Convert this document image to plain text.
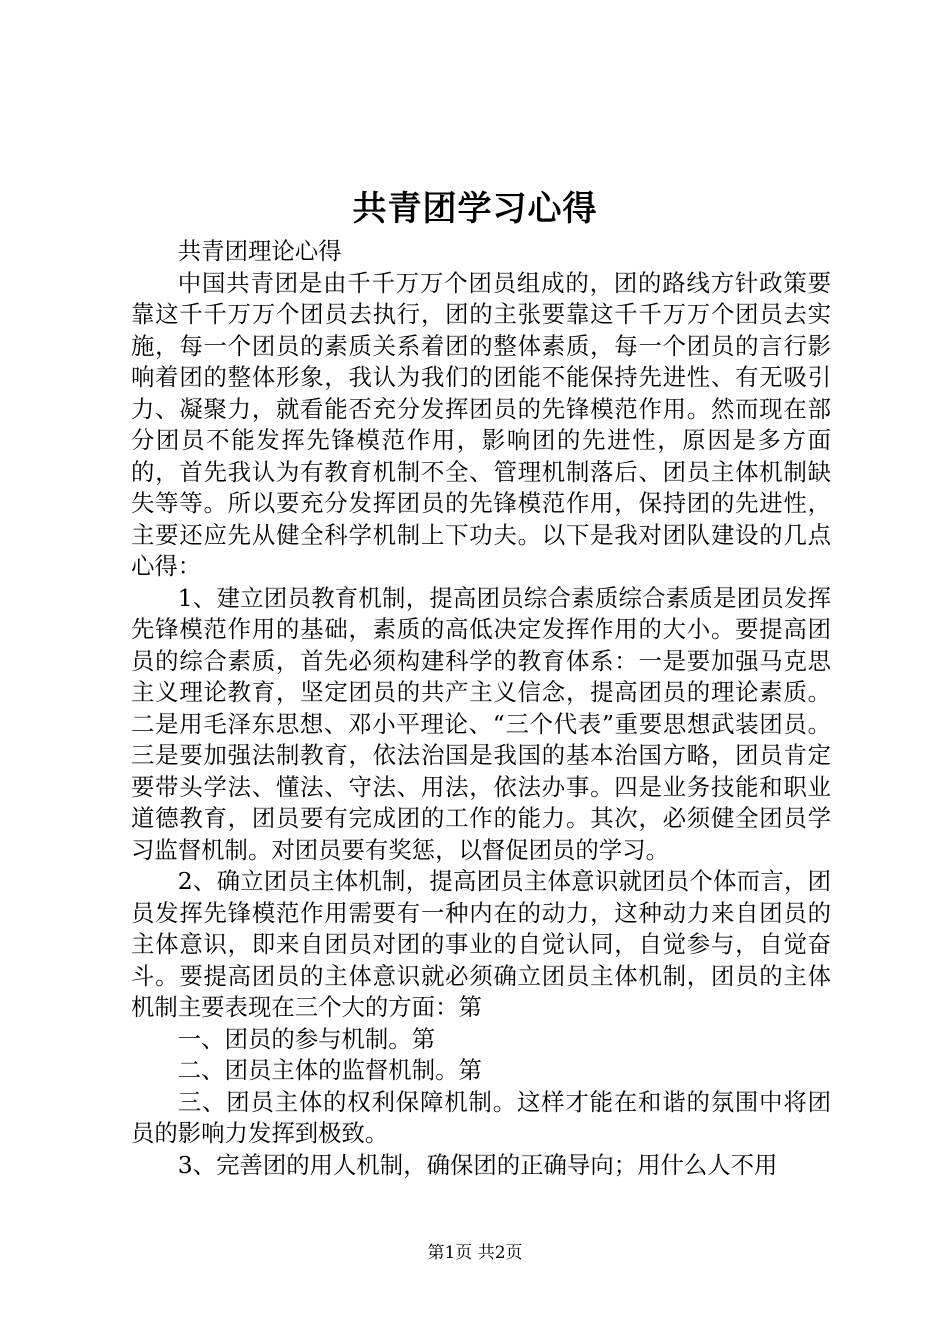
共青团学习心得

共青团理论心得

中国共青团是由千千万万个团员组成的，团的路线方针政策要靠这千千万万个团员去执行，团的主张要靠这千千万万个团员去实施，每一个团员的素质关系着团的整体素质，每一个团员的言行影响着团的整体形象，我认为我们的团能不能保持先进性、有无吸引力、凝聚力，就看能否充分发挥团员的先锋模范作用。然而现在部分团员不能发挥先锋模范作用，影响团的先进性，原因是多方面的，首先我认为有教育机制不全、管理机制落后、团员主体机制缺失等等。所以要充分发挥团员的先锋模范作用，保持团的先进性，主要还应先从健全科学机制上下功夫。以下是我对团队建设的几点心得：

1、建立团员教育机制，提高团员综合素质综合素质是团员发挥先锋模范作用的基础，素质的高低决定发挥作用的大小。要提高团员的综合素质，首先必须构建科学的教育体系：一是要加强马克思主义理论教育，坚定团员的共产主义信念，提高团员的理论素质。二是用毛泽东思想、邓小平理论、“三个代表”重要思想武装团员。三是要加强法制教育，依法治国是我国的基本治国方略，团员肯定要带头学法、懂法、守法、用法，依法办事。四是业务技能和职业道德教育，团员要有完成团的工作的能力。其次，必须健全团员学习监督机制。对团员要有奖惩，以督促团员的学习。

2、确立团员主体机制，提高团员主体意识就团员个体而言，团员发挥先锋模范作用需要有一种内在的动力，这种动力来自团员的主体意识，即来自团员对团的事业的自觉认同，自觉参与，自觉奋斗。要提高团员的主体意识就必须确立团员主体机制，团员的主体机制主要表现在三个大的方面：第

一、团员的参与机制。第

二、团员主体的监督机制。第

三、团员主体的权利保障机制。这样才能在和谐的氛围中将团员的影响力发挥到极致。

3、完善团的用人机制，确保团的正确导向；用什么人不用

第1页 共2页
